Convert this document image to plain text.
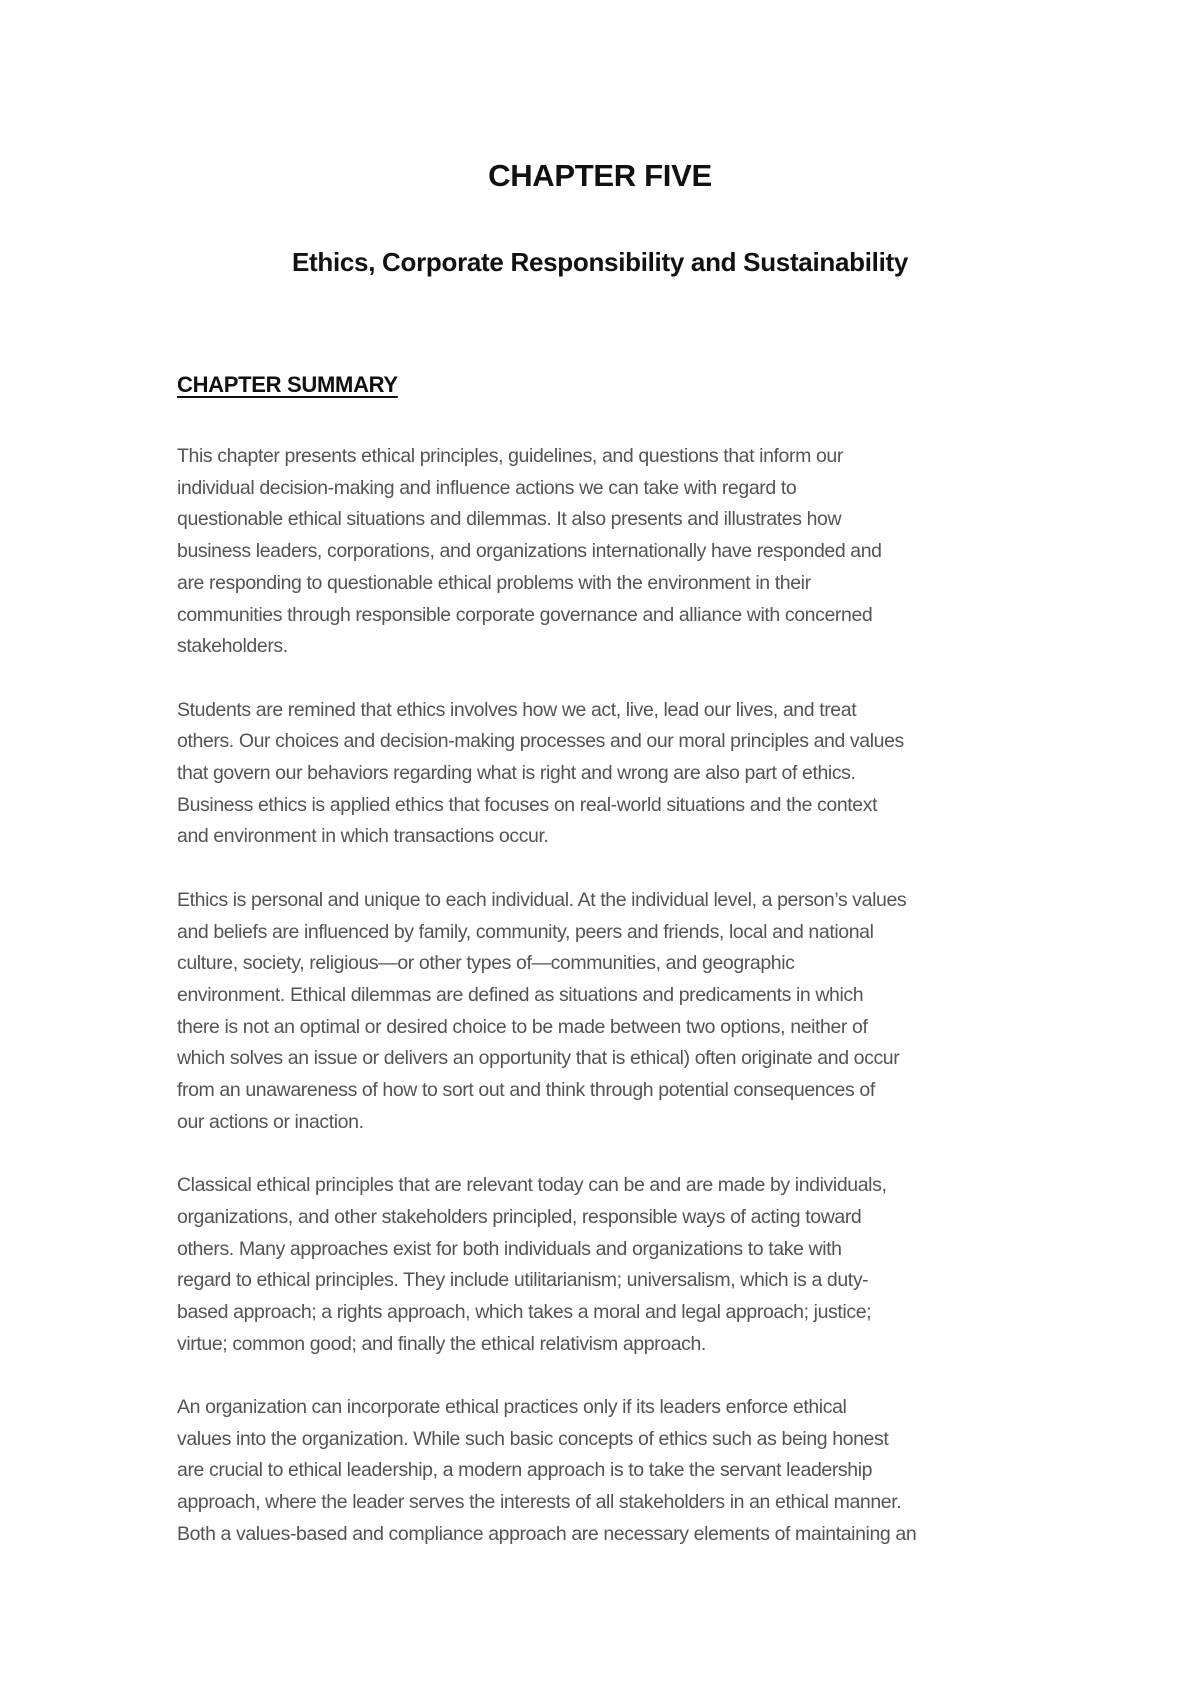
CHAPTER FIVE
Ethics, Corporate Responsibility and Sustainability
CHAPTER SUMMARY

This chapter presents ethical principles, guidelines, and questions that inform our
individual decision-making and influence actions we can take with regard to
questionable ethical situations and dilemmas. It also presents and illustrates how
business leaders, corporations, and organizations internationally have responded and
are responding to questionable ethical problems with the environment in their
communities through responsible corporate governance and alliance with concerned
stakeholders.

Students are remined that ethics involves how we act, live, lead our lives, and treat
others. Our choices and decision-making processes and our moral principles and values
that govern our behaviors regarding what is right and wrong are also part of ethics.
Business ethics is applied ethics that focuses on real-world situations and the context
and environment in which transactions occur.

Ethics is personal and unique to each individual. At the individual level, a person’s values
and beliefs are influenced by family, community, peers and friends, local and national
culture, society, religious—or other types of—communities, and geographic
environment. Ethical dilemmas are defined as situations and predicaments in which
there is not an optimal or desired choice to be made between two options, neither of
which solves an issue or delivers an opportunity that is ethical) often originate and occur
from an unawareness of how to sort out and think through potential consequences of
our actions or inaction.

Classical ethical principles that are relevant today can be and are made by individuals,
organizations, and other stakeholders principled, responsible ways of acting toward
others. Many approaches exist for both individuals and organizations to take with
regard to ethical principles. They include utilitarianism; universalism, which is a duty-
based approach; a rights approach, which takes a moral and legal approach; justice;
virtue; common good; and finally the ethical relativism approach.

An organization can incorporate ethical practices only if its leaders enforce ethical
values into the organization. While such basic concepts of ethics such as being honest
are crucial to ethical leadership, a modern approach is to take the servant leadership
approach, where the leader serves the interests of all stakeholders in an ethical manner.
Both a values-based and compliance approach are necessary elements of maintaining an
